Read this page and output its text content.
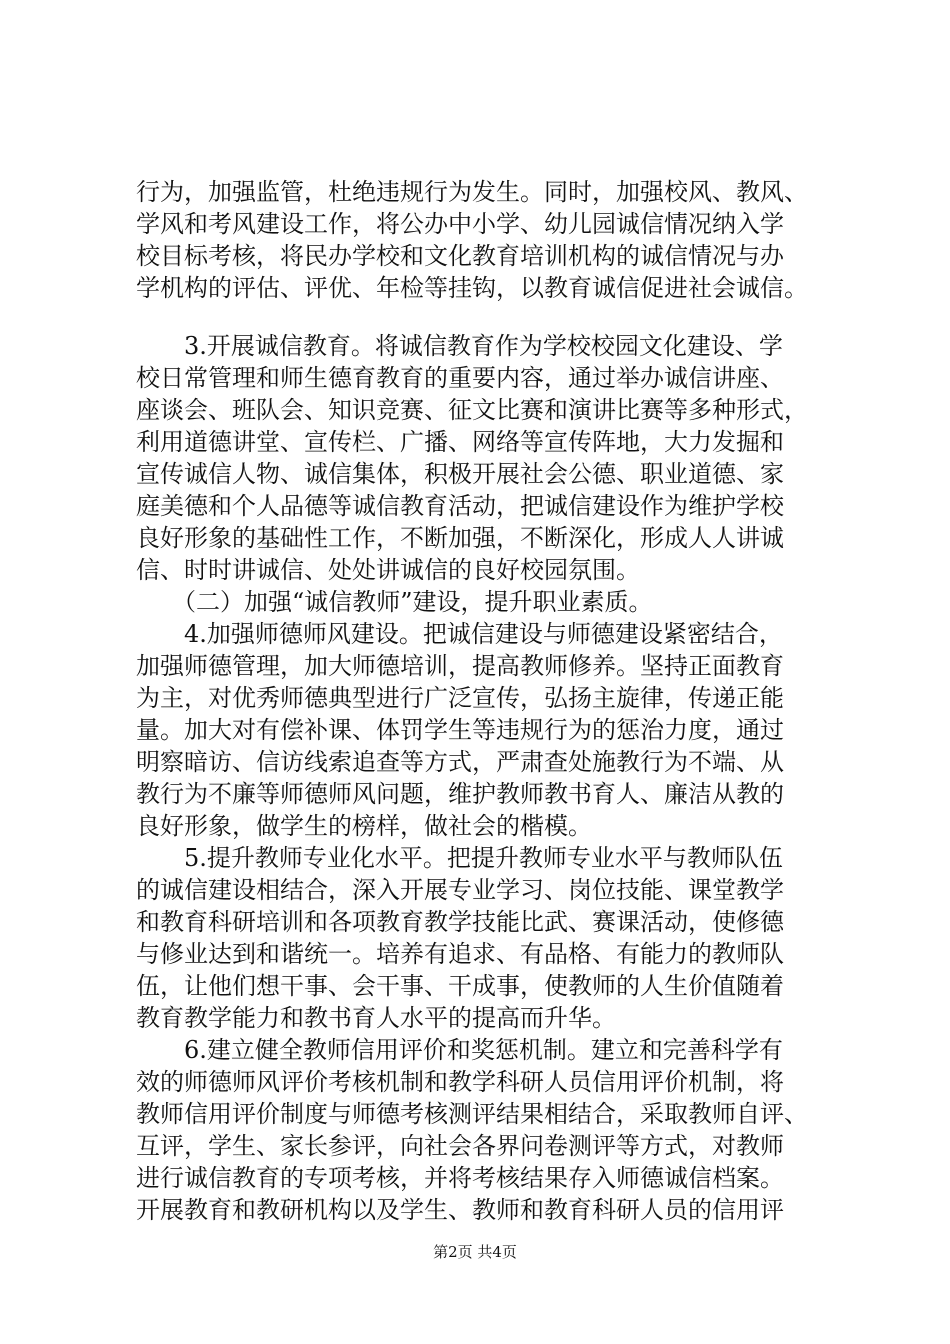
行为，加强监管，杜绝违规行为发生。同时，加强校风、教风、
学风和考风建设工作，将公办中小学、幼儿园诚信情况纳入学
校目标考核，将民办学校和文化教育培训机构的诚信情况与办
学机构的评估、评优、年检等挂钩，以教育诚信促进社会诚信。
3.开展诚信教育。将诚信教育作为学校校园文化建设、学
校日常管理和师生德育教育的重要内容，通过举办诚信讲座、
座谈会、班队会、知识竞赛、征文比赛和演讲比赛等多种形式，
利用道德讲堂、宣传栏、广播、网络等宣传阵地，大力发掘和
宣传诚信人物、诚信集体，积极开展社会公德、职业道德、家
庭美德和个人品德等诚信教育活动，把诚信建设作为维护学校
良好形象的基础性工作，不断加强，不断深化，形成人人讲诚
信、时时讲诚信、处处讲诚信的良好校园氛围。
（二）加强“诚信教师”建设，提升职业素质。
4.加强师德师风建设。把诚信建设与师德建设紧密结合，
加强师德管理，加大师德培训，提高教师修养。坚持正面教育
为主，对优秀师德典型进行广泛宣传，弘扬主旋律，传递正能
量。加大对有偿补课、体罚学生等违规行为的惩治力度，通过
明察暗访、信访线索追查等方式，严肃查处施教行为不端、从
教行为不廉等师德师风问题，维护教师教书育人、廉洁从教的
良好形象，做学生的榜样，做社会的楷模。
5.提升教师专业化水平。把提升教师专业水平与教师队伍
的诚信建设相结合，深入开展专业学习、岗位技能、课堂教学
和教育科研培训和各项教育教学技能比武、赛课活动，使修德
与修业达到和谐统一。培养有追求、有品格、有能力的教师队
伍，让他们想干事、会干事、干成事，使教师的人生价值随着
教育教学能力和教书育人水平的提高而升华。
6.建立健全教师信用评价和奖惩机制。建立和完善科学有
效的师德师风评价考核机制和教学科研人员信用评价机制，将
教师信用评价制度与师德考核测评结果相结合，采取教师自评、
互评，学生、家长参评，向社会各界问卷测评等方式，对教师
进行诚信教育的专项考核，并将考核结果存入师德诚信档案。
开展教育和教研机构以及学生、教师和教育科研人员的信用评
第2页 共4页
